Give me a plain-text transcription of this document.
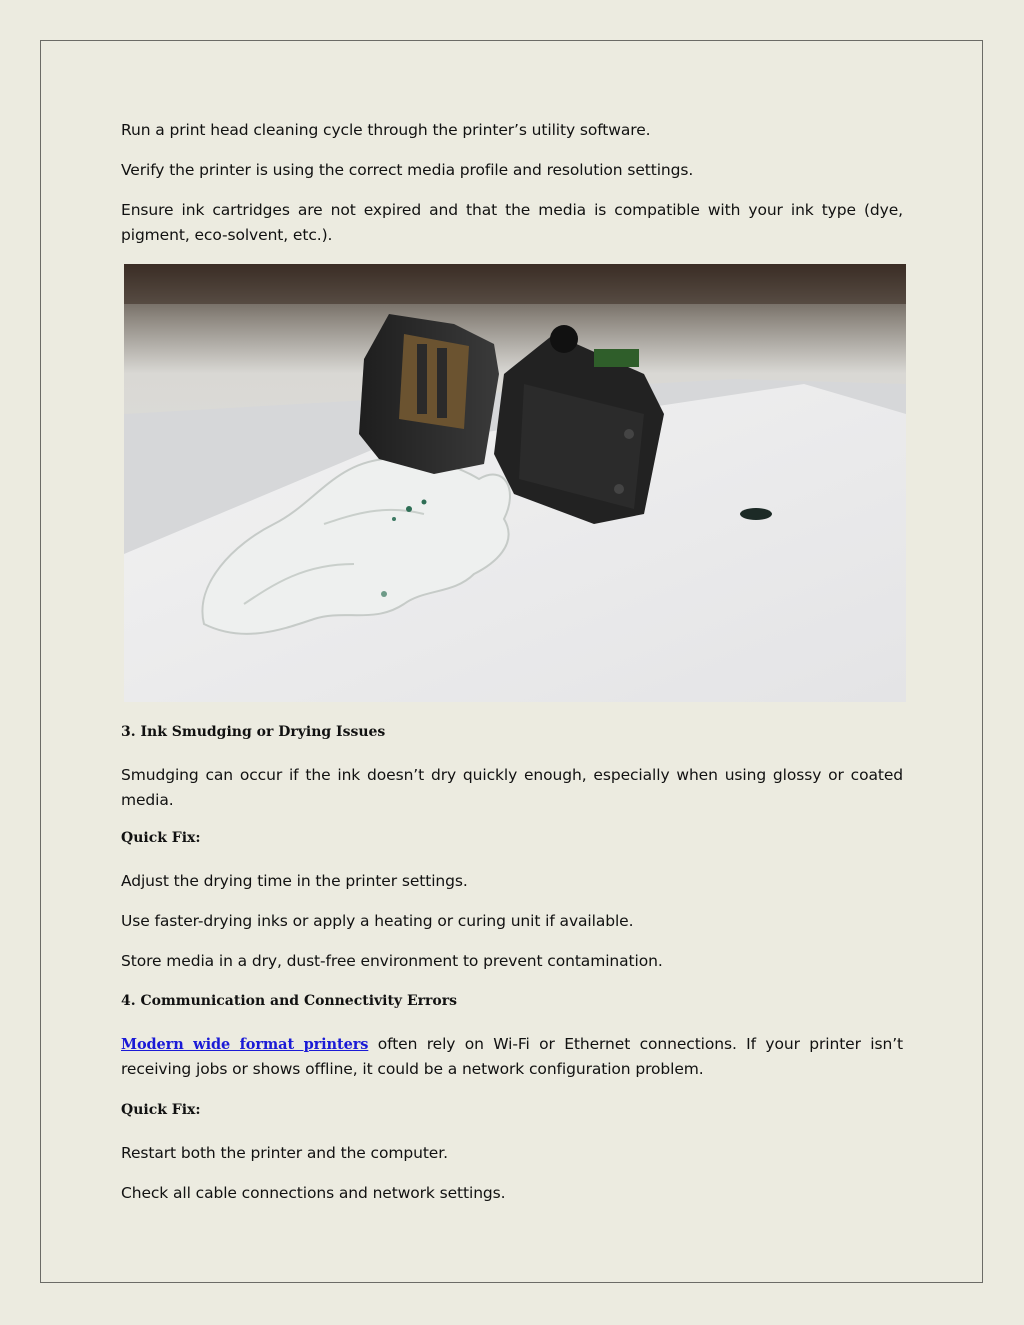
Run a print head cleaning cycle through the printer’s utility software.

Verify the printer is using the correct media profile and resolution settings.

Ensure ink cartridges are not expired and that the media is compatible with your ink type (dye, pigment, eco-solvent, etc.).

3. Ink Smudging or Drying Issues

Smudging can occur if the ink doesn’t dry quickly enough, especially when using glossy or coated media.

Quick Fix:

Adjust the drying time in the printer settings.

Use faster-drying inks or apply a heating or curing unit if available.

Store media in a dry, dust-free environment to prevent contamination.

4. Communication and Connectivity Errors

Modern wide format printers often rely on Wi-Fi or Ethernet connections. If your printer isn’t receiving jobs or shows offline, it could be a network configuration problem.

Quick Fix:

Restart both the printer and the computer.

Check all cable connections and network settings.
